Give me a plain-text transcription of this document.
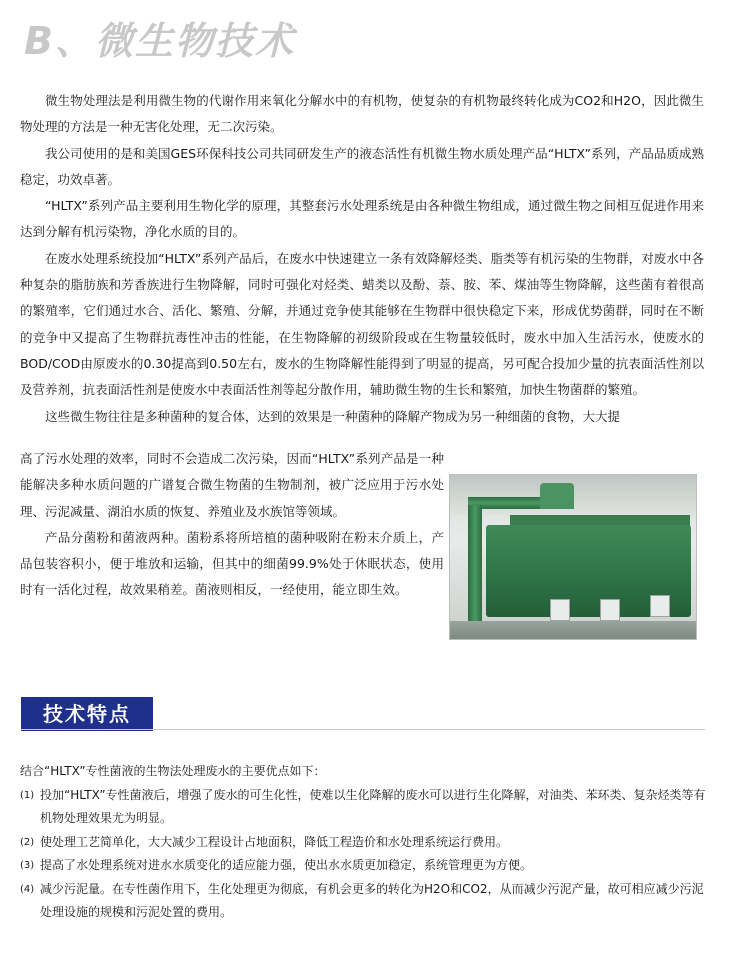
B、微生物技术

微生物处理法是利用微生物的代谢作用来氧化分解水中的有机物，使复杂的有机物最终转化成为CO2和H2O，因此微生物处理的方法是一种无害化处理，无二次污染。

我公司使用的是和美国GES环保科技公司共同研发生产的液态活性有机微生物水质处理产品“HLTX”系列，产品品质成熟稳定，功效卓著。

“HLTX”系列产品主要利用生物化学的原理，其整套污水处理系统是由各种微生物组成，通过微生物之间相互促进作用来达到分解有机污染物，净化水质的目的。

在废水处理系统投加“HLTX”系列产品后，在废水中快速建立一条有效降解烃类、脂类等有机污染的生物群，对废水中各种复杂的脂肪族和芳香族进行生物降解，同时可强化对烃类、蜡类以及酚、萘、胺、苯、煤油等生物降解，这些菌有着很高的繁殖率，它们通过水合、活化、繁殖、分解，并通过竞争使其能够在生物群中很快稳定下来，形成优势菌群，同时在不断的竞争中又提高了生物群抗毒性冲击的性能，在生物降解的初级阶段或在生物量较低时，废水中加入生活污水，使废水的BOD/COD由原废水的0.30提高到0.50左右，废水的生物降解性能得到了明显的提高，另可配合投加少量的抗表面活性剂以及营养剂，抗表面活性剂是使废水中表面活性剂等起分散作用，辅助微生物的生长和繁殖，加快生物菌群的繁殖。

这些微生物往往是多种菌种的复合体，达到的效果是一种菌种的降解产物成为另一种细菌的食物，大大提

高了污水处理的效率，同时不会造成二次污染，因而“HLTX”系列产品是一种能解决多种水质问题的广谱复合微生物菌的生物制剂，被广泛应用于污水处理、污泥减量、湖泊水质的恢复、养殖业及水族馆等领域。

产品分菌粉和菌液两种。菌粉系将所培植的菌种吸附在粉末介质上，产品包装容积小，便于堆放和运输，但其中的细菌99.9%处于休眠状态，使用时有一活化过程，故效果稍差。菌液则相反，一经使用，能立即生效。

技术特点

结合“HLTX”专性菌液的生物法处理废水的主要优点如下：

(1) 投加“HLTX”专性菌液后，增强了废水的可生化性，使难以生化降解的废水可以进行生化降解，对油类、苯环类、复杂烃类等有机物处理效果尤为明显。
(2) 使处理工艺简单化，大大减少工程设计占地面积，降低工程造价和水处理系统运行费用。
(3) 提高了水处理系统对进水水质变化的适应能力强，使出水水质更加稳定，系统管理更为方便。
(4) 减少污泥量。在专性菌作用下，生化处理更为彻底，有机会更多的转化为H2O和CO2，从而减少污泥产量，故可相应减少污泥处理设施的规模和污泥处置的费用。
